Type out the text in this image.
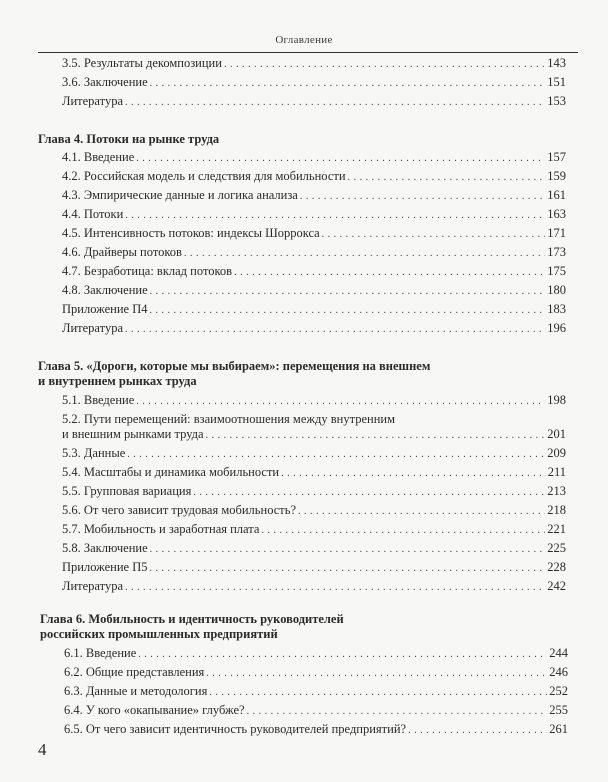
Оглавление
3.5. Результаты декомпозиции . . .	143
3.6. Заключение . . .	151
Литература . . .	153
Глава 4. Потоки на рынке труда
4.1. Введение . . .	157
4.2. Российская модель и следствия для мобильности . . .	159
4.3. Эмпирические данные и логика анализа . . .	161
4.4. Потоки . . .	163
4.5. Интенсивность потоков: индексы Шорроксa . . .	171
4.6. Драйверы потоков . . .	173
4.7. Безработица: вклад потоков . . .	175
4.8. Заключение . . .	180
Приложение П4 . . .	183
Литература . . .	196
Глава 5. «Дороги, которые мы выбираем»: перемещения на внешнем
и внутреннем рынках труда
5.1. Введение . . .	198
5.2. Пути перемещений: взаимоотношения между внутренним
и внешним рынками труда . . .	201
5.3. Данные . . .	209
5.4. Масштабы и динамика мобильности . . .	211
5.5. Групповая вариация . . .	213
5.6. От чего зависит трудовая мобильность? . . .	218
5.7. Мобильность и заработная плата . . .	221
5.8. Заключение . . .	225
Приложение П5 . . .	228
Литература . . .	242
Глава 6. Мобильность и идентичность руководителей
российских промышленных предприятий
6.1. Введение . . .	244
6.2. Общие представления . . .	246
6.3. Данные и методология . . .	252
6.4. У кого «окапывание» глубже? . . .	255
6.5. От чего зависит идентичность руководителей предприятий? . . .	261
4
